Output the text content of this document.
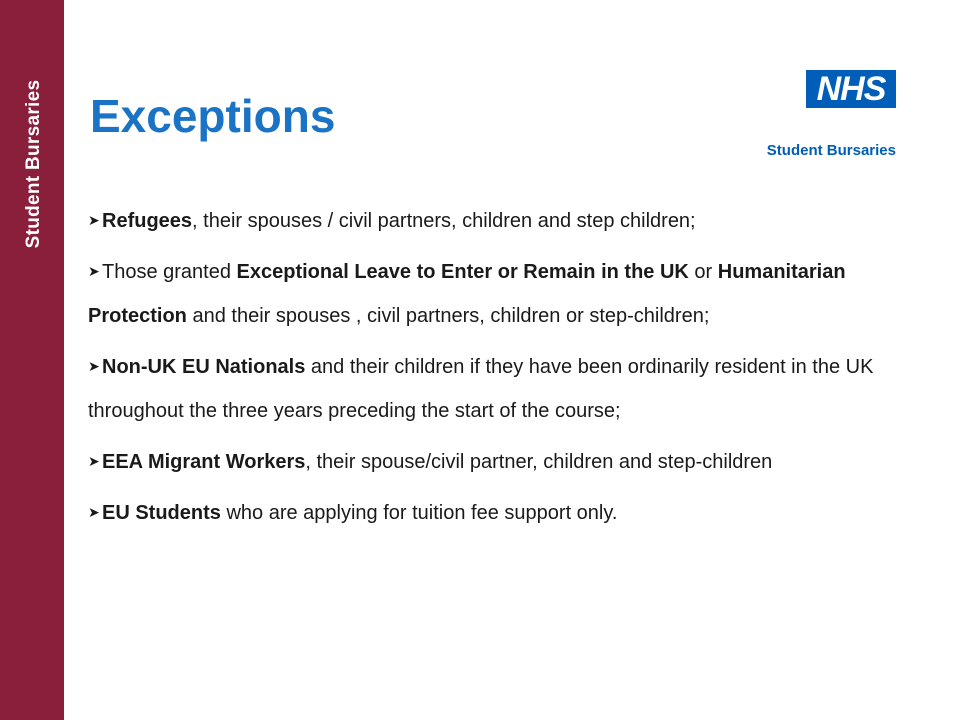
Student Bursaries Exceptions
NHS
Student Bursaries
➤ Refugees, their spouses / civil partners, children and step children;
➤ Those granted Exceptional Leave to Enter or Remain in the UK or Humanitarian Protection and their spouses , civil partners, children or step-children;
➤ Non-UK EU Nationals and their children if they have been ordinarily resident in the UK throughout the three years preceding the start of the course;
➤ EEA Migrant Workers, their spouse/civil partner, children and step-children
➤ EU Students who are applying for tuition fee support only.
